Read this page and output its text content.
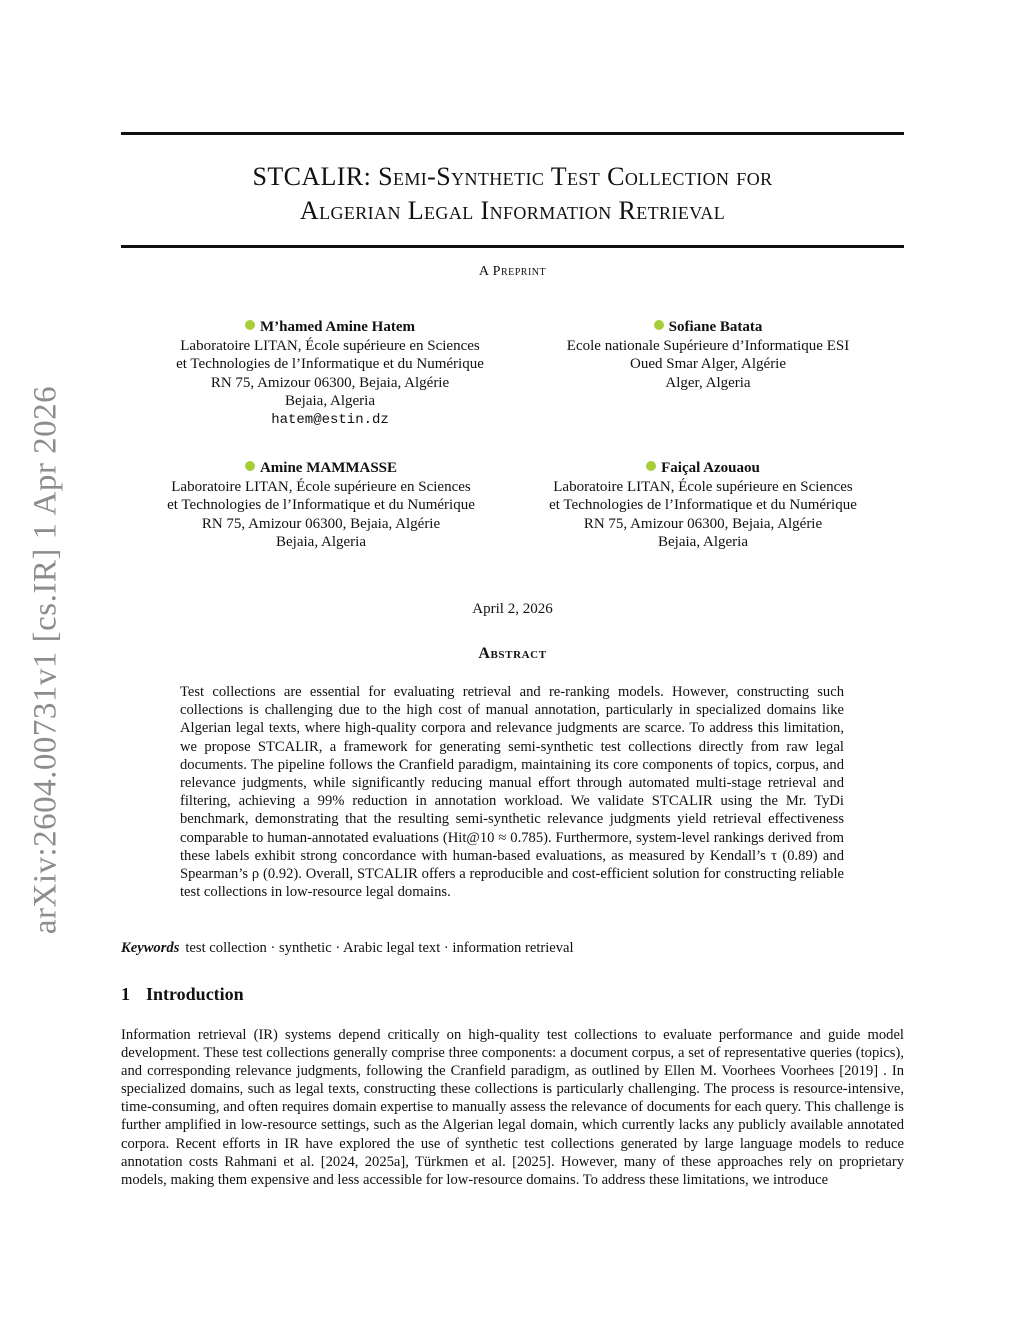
arXiv:2604.00731v1 [cs.IR] 1 Apr 2026
STCALIR: Semi-Synthetic Test Collection for
Algerian Legal Information Retrieval
A Preprint
M’hamed Amine Hatem
Laboratoire LITAN, École supérieure en Sciences
et Technologies de l’Informatique et du Numérique
RN 75, Amizour 06300, Bejaia, Algérie
Bejaia, Algeria
hatem@estin.dz
Sofiane Batata
Ecole nationale Supérieure d’Informatique ESI
Oued Smar Alger, Algérie
Alger, Algeria
Amine MAMMASSE
Laboratoire LITAN, École supérieure en Sciences
et Technologies de l’Informatique et du Numérique
RN 75, Amizour 06300, Bejaia, Algérie
Bejaia, Algeria
Faiçal Azouaou
Laboratoire LITAN, École supérieure en Sciences
et Technologies de l’Informatique et du Numérique
RN 75, Amizour 06300, Bejaia, Algérie
Bejaia, Algeria
April 2, 2026
Abstract
Test collections are essential for evaluating retrieval and re-ranking models. However, constructing such collections is challenging due to the high cost of manual annotation, particularly in specialized domains like Algerian legal texts, where high-quality corpora and relevance judgments are scarce. To address this limitation, we propose STCALIR, a framework for generating semi-synthetic test collections directly from raw legal documents. The pipeline follows the Cranfield paradigm, maintaining its core components of topics, corpus, and relevance judgments, while significantly reducing manual effort through automated multi-stage retrieval and filtering, achieving a 99% reduction in annotation workload. We validate STCALIR using the Mr. TyDi benchmark, demonstrating that the resulting semi-synthetic relevance judgments yield retrieval effectiveness comparable to human-annotated evaluations (Hit@10 ≈ 0.785). Furthermore, system-level rankings derived from these labels exhibit strong concordance with human-based evaluations, as measured by Kendall’s τ (0.89) and Spearman’s ρ (0.92). Overall, STCALIR offers a reproducible and cost-efficient solution for constructing reliable test collections in low-resource legal domains.
Keywords test collection · synthetic · Arabic legal text · information retrieval
1 Introduction
Information retrieval (IR) systems depend critically on high-quality test collections to evaluate performance and guide model development. These test collections generally comprise three components: a document corpus, a set of representative queries (topics), and corresponding relevance judgments, following the Cranfield paradigm, as outlined by Ellen M. Voorhees Voorhees [2019] . In specialized domains, such as legal texts, constructing these collections is particularly challenging. The process is resource-intensive, time-consuming, and often requires domain expertise to manually assess the relevance of documents for each query. This challenge is further amplified in low-resource settings, such as the Algerian legal domain, which currently lacks any publicly available annotated corpora. Recent efforts in IR have explored the use of synthetic test collections generated by large language models to reduce annotation costs Rahmani et al. [2024, 2025a], Türkmen et al. [2025]. However, many of these approaches rely on proprietary models, making them expensive and less accessible for low-resource domains. To address these limitations, we introduce
